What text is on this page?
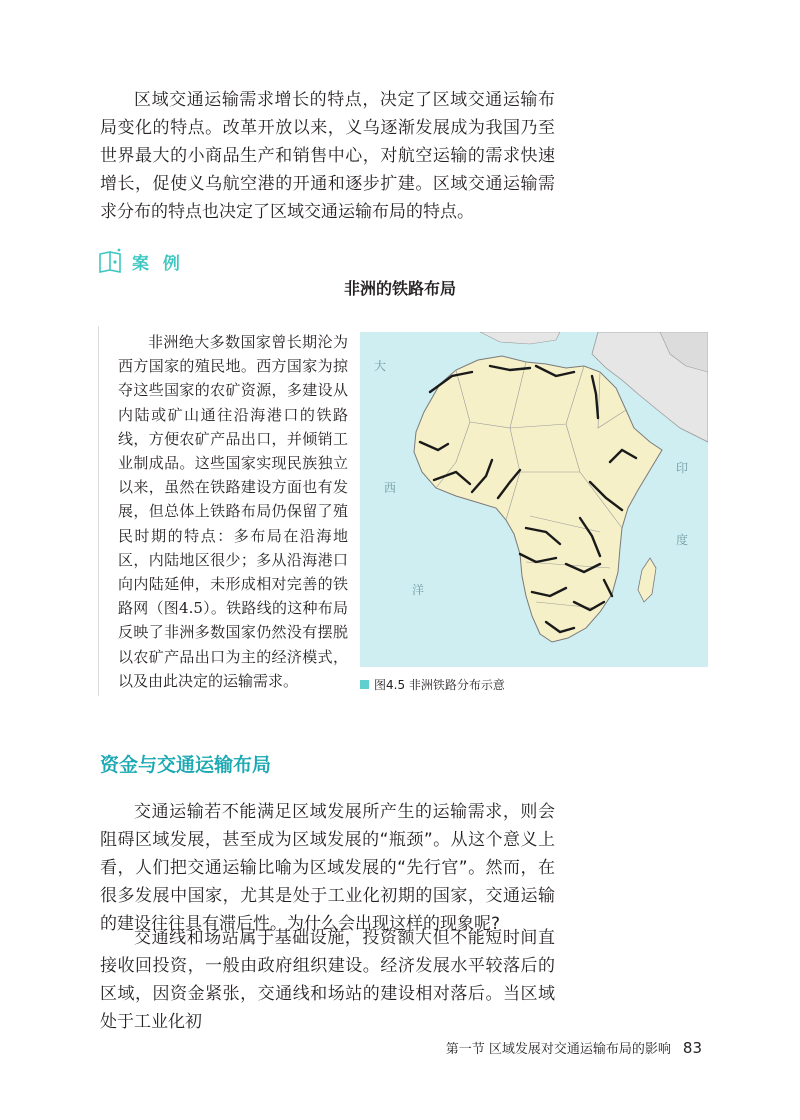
区域交通运输需求增长的特点，决定了区域交通运输布局变化的特点。改革开放以来，义乌逐渐发展成为我国乃至世界最大的小商品生产和销售中心，对航空运输的需求快速增长，促使义乌航空港的开通和逐步扩建。区域交通运输需求分布的特点也决定了区域交通运输布局的特点。

案 例
非洲的铁路布局

非洲绝大多数国家曾长期沦为西方国家的殖民地。西方国家为掠夺这些国家的农矿资源，多建设从内陆或矿山通往沿海港口的铁路线，方便农矿产品出口，并倾销工业制成品。这些国家实现民族独立以来，虽然在铁路建设方面也有发展，但总体上铁路布局仍保留了殖民时期的特点：多布局在沿海地区，内陆地区很少；多从沿海港口向内陆延伸，未形成相对完善的铁路网（图4.5）。铁路线的这种布局反映了非洲多数国家仍然没有摆脱以农矿产品出口为主的经济模式，以及由此决定的运输需求。

大
西
洋
印
度
图4.5 非洲铁路分布示意
资金与交通运输布局

交通运输若不能满足区域发展所产生的运输需求，则会阻碍区域发展，甚至成为区域发展的“瓶颈”。从这个意义上看，人们把交通运输比喻为区域发展的“先行官”。然而，在很多发展中国家，尤其是处于工业化初期的国家，交通运输的建设往往具有滞后性。为什么会出现这样的现象呢?

交通线和场站属于基础设施，投资额大但不能短时间直接收回投资，一般由政府组织建设。经济发展水平较落后的区域，因资金紧张，交通线和场站的建设相对落后。当区域处于工业化初

第一节 区域发展对交通运输布局的影响 83
